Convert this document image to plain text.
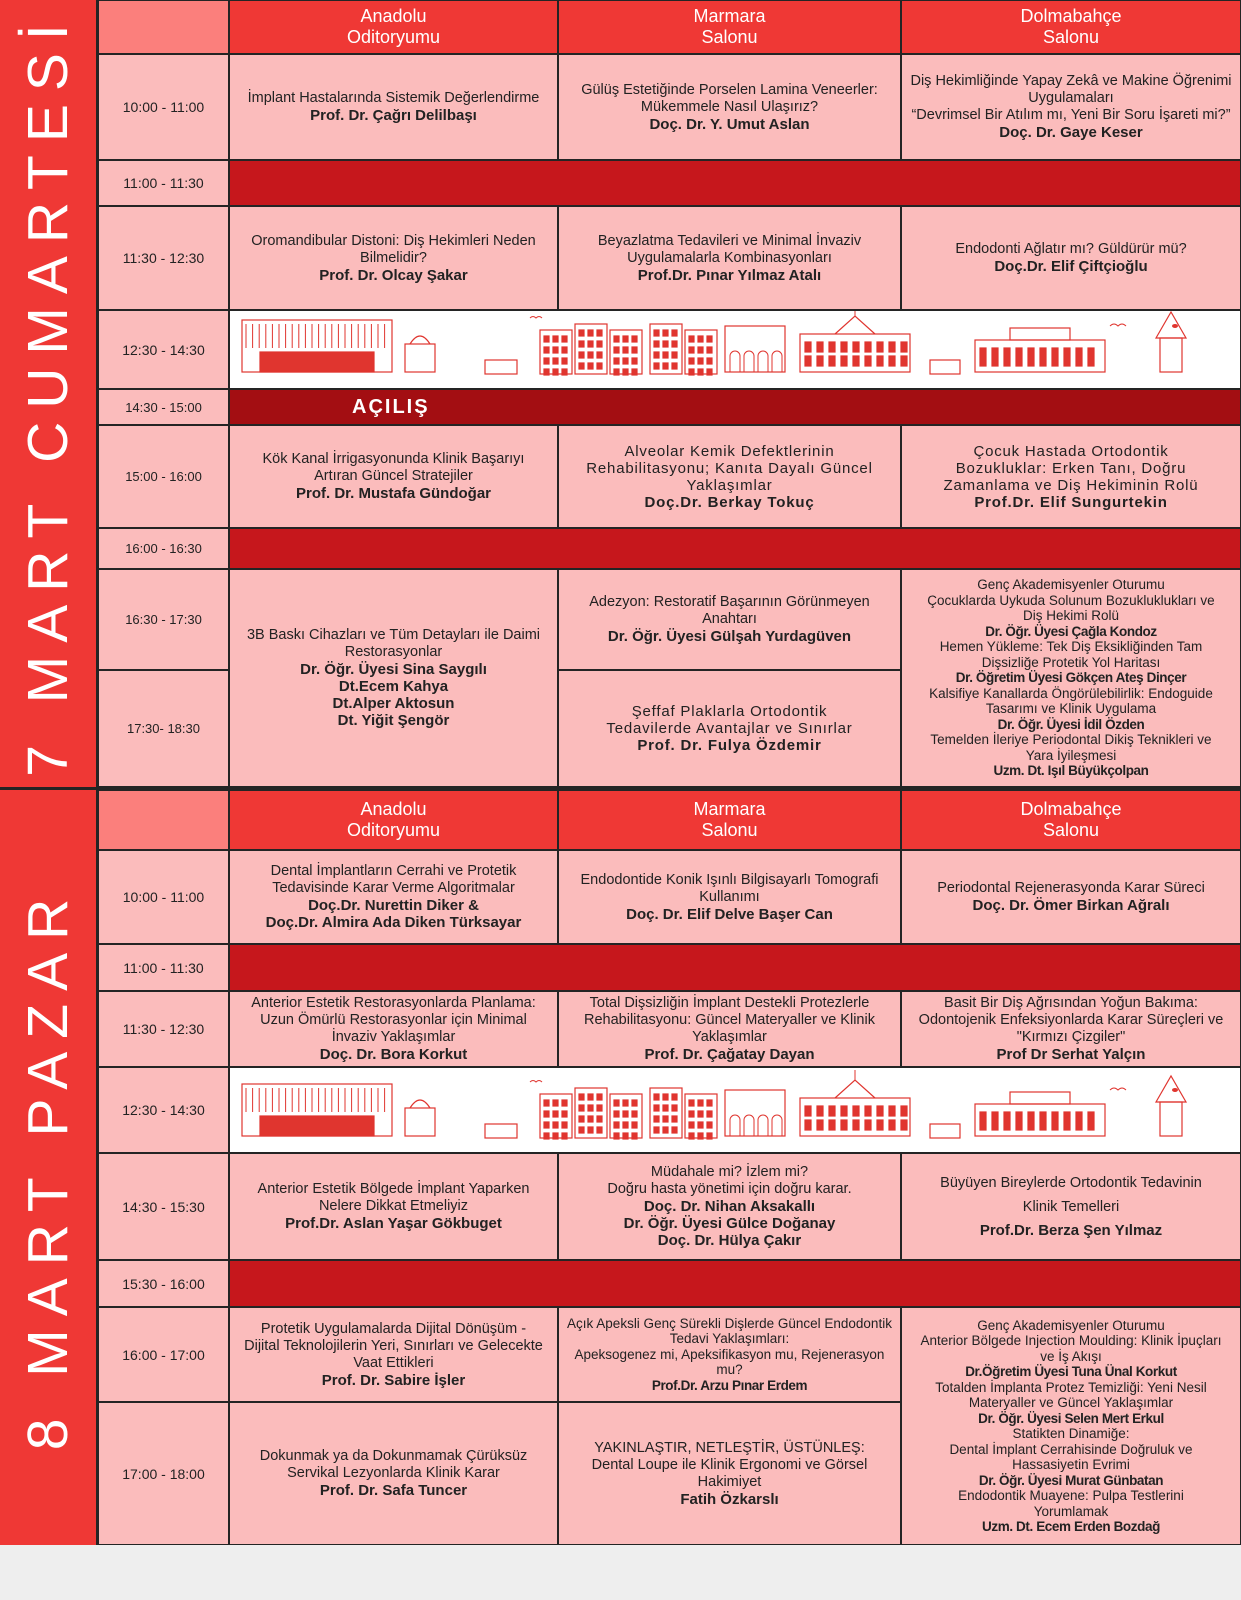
7 MART CUMARTESİ
8 MART PAZAR
Anadolu
Oditoryumu
Marmara
Salonu
Dolmabahçe
Salonu
10:00 - 11:00
11:00 - 11:30
11:30 - 12:30
12:30 - 14:30
14:30 - 15:00
15:00 - 16:00
16:00 - 16:30
16:30 - 17:30
17:30- 18:30
İmplant Hastalarında Sistemik Değerlendirme
Prof. Dr. Çağrı Delilbaşı
Gülüş Estetiğinde Porselen Lamina Veneerler:
Mükemmele Nasıl Ulaşırız?
Doç. Dr. Y. Umut Aslan
Diş Hekimliğinde Yapay Zekâ ve Makine Öğrenimi
Uygulamaları
“Devrimsel Bir Atılım mı, Yeni Bir Soru İşareti mi?”
Doç. Dr. Gaye Keser
Oromandibular Distoni: Diş Hekimleri Neden
Bilmelidir?
Prof. Dr. Olcay Şakar
Beyazlatma Tedavileri ve Minimal İnvaziv
Uygulamalarla Kombinasyonları
Prof.Dr. Pınar Yılmaz Atalı
Endodonti Ağlatır mı? Güldürür mü?
Doç.Dr. Elif Çiftçioğlu
AÇILIŞ
Kök Kanal İrrigasyonunda Klinik Başarıyı
Artıran Güncel Stratejiler
Prof. Dr. Mustafa Gündoğar
Alveolar Kemik Defektlerinin
Rehabilitasyonu; Kanıta Dayalı Güncel
Yaklaşımlar
Doç.Dr. Berkay Tokuç
Çocuk Hastada Ortodontik
Bozukluklar: Erken Tanı, Doğru
Zamanlama ve Diş Hekiminin Rolü
Prof.Dr. Elif Sungurtekin
3B Baskı Cihazları ve Tüm Detayları ile Daimi
Restorasyonlar
Dr. Öğr. Üyesi Sina Saygılı
Dt.Ecem Kahya
Dt.Alper Aktosun
Dt. Yiğit Şengör
Adezyon: Restoratif Başarının Görünmeyen
Anahtarı
Dr. Öğr. Üyesi Gülşah Yurdagüven
Şeffaf Plaklarla Ortodontik
Tedavilerde Avantajlar ve Sınırlar
Prof. Dr. Fulya Özdemir
Genç Akademisyenler Oturumu
Çocuklarda Uykuda Solunum Bozukluklukları ve
Diş Hekimi Rolü
Dr. Öğr. Üyesi Çağla Kondoz
Hemen Yükleme: Tek Diş Eksikliğinden Tam
Dişsizliğe Protetik Yol Haritası
Dr. Öğretim Üyesi Gökçen Ateş Dinçer
Kalsifiye Kanallarda Öngörülebilirlik: Endoguide
Tasarımı ve Klinik Uygulama
Dr. Öğr. Üyesi İdil Özden
Temelden İleriye Periodontal Dikiş Teknikleri ve
Yara İyileşmesi
Uzm. Dt. Işıl Büyükçolpan
Anadolu
Oditoryumu
Marmara
Salonu
Dolmabahçe
Salonu
10:00 - 11:00
11:00 - 11:30
11:30 - 12:30
12:30 - 14:30
14:30 - 15:30
15:30 - 16:00
16:00 - 17:00
17:00 - 18:00
Dental İmplantların Cerrahi ve Protetik
Tedavisinde Karar Verme Algoritmalar
Doç.Dr. Nurettin Diker &
Doç.Dr. Almira Ada Diken Türksayar
Endodontide Konik Işınlı Bilgisayarlı Tomografi
Kullanımı
Doç. Dr. Elif Delve Başer Can
Periodontal Rejenerasyonda Karar Süreci
Doç. Dr. Ömer Birkan Ağralı
Anterior Estetik Restorasyonlarda Planlama:
Uzun Ömürlü Restorasyonlar için Minimal
İnvaziv Yaklaşımlar
Doç. Dr. Bora Korkut
Total Dişsizliğin İmplant Destekli Protezlerle
Rehabilitasyonu: Güncel Materyaller ve Klinik
Yaklaşımlar
Prof. Dr. Çağatay Dayan
Basit Bir Diş Ağrısından Yoğun Bakıma:
Odontojenik Enfeksiyonlarda Karar Süreçleri ve
"Kırmızı Çizgiler"
Prof Dr Serhat Yalçın
Anterior Estetik Bölgede İmplant Yaparken
Nelere Dikkat Etmeliyiz
Prof.Dr. Aslan Yaşar Gökbuget
Müdahale mi? İzlem mi?
Doğru hasta yönetimi için doğru karar.
Doç. Dr. Nihan Aksakallı
Dr. Öğr. Üyesi Gülce Doğanay
Doç. Dr. Hülya Çakır
Büyüyen Bireylerde Ortodontik Tedavinin
Klinik Temelleri
Prof.Dr. Berza Şen Yılmaz
Protetik Uygulamalarda Dijital Dönüşüm -
Dijital Teknolojilerin Yeri, Sınırları ve Gelecekte
Vaat Ettikleri
Prof. Dr. Sabire İşler
Dokunmak ya da Dokunmamak Çürüksüz
Servikal Lezyonlarda Klinik Karar
Prof. Dr. Safa Tuncer
Açık Apeksli Genç Sürekli Dişlerde Güncel Endodontik
Tedavi Yaklaşımları:
Apeksogenez mi, Apeksifikasyon mu, Rejenerasyon
mu?
Prof.Dr. Arzu Pınar Erdem
YAKINLAŞTIR, NETLEŞTİR, ÜSTÜNLEŞ:
Dental Loupe ile Klinik Ergonomi ve Görsel
Hakimiyet
Fatih Özkarslı
Genç Akademisyenler Oturumu
Anterior Bölgede Injection Moulding: Klinik İpuçları
ve İş Akışı
Dr.Öğretim Üyesi Tuna Ünal Korkut
Totalden İmplanta Protez Temizliği: Yeni Nesil
Materyaller ve Güncel Yaklaşımlar
Dr. Öğr. Üyesi Selen Mert Erkul
Statikten Dinamiğe:
Dental İmplant Cerrahisinde Doğruluk ve
Hassasiyetin Evrimi
Dr. Öğr. Üyesi Murat Günbatan
Endodontik Muayene: Pulpa Testlerini
Yorumlamak
Uzm. Dt. Ecem Erden Bozdağ
